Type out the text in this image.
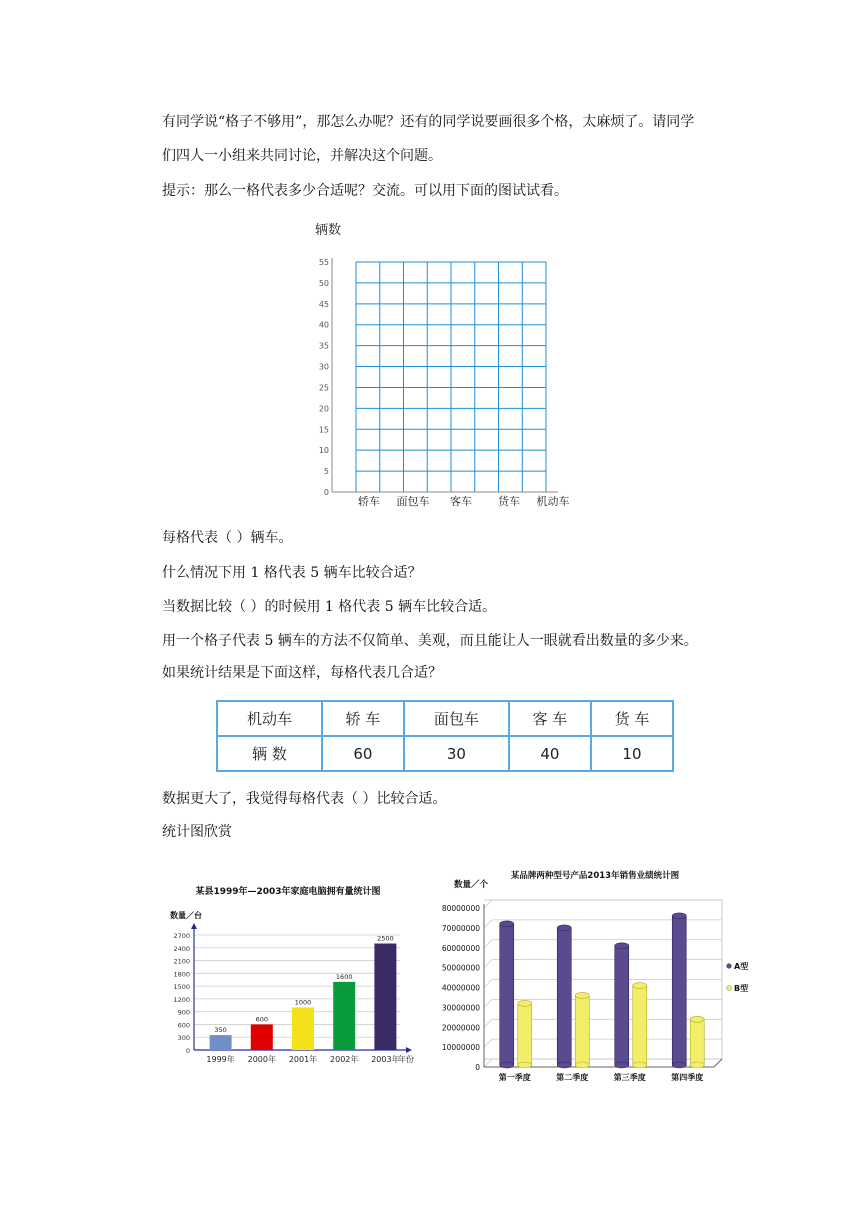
有同学说“格子不够用”，那怎么办呢？还有的同学说要画很多个格，太麻烦了。请同学
们四人一小组来共同讨论，并解决这个问题。
提示：那么一格代表多少合适呢？交流。可以用下面的图试试看。
辆数
0
5
10
15
20
25
30
35
40
45
50
55
轿车 面包车 客车 货车 机动车
每格代表（ ）辆车。
什么情况下用 1 格代表 5 辆车比较合适？
当数据比较（ ）的时候用 1 格代表 5 辆车比较合适。
用一个格子代表 5 辆车的方法不仅简单、美观，而且能让人一眼就看出数量的多少来。
如果统计结果是下面这样，每格代表几合适？
机动车	轿 车	面包车	客 车	货 车
辆 数	60	30	40	10
数据更大了，我觉得每格代表（ ）比较合适。
统计图欣赏
某县1999年—2003年家庭电脑拥有量统计图
数量／台
0
300
600
900
1200
1500
1800
2100
2400
2700
350
1999年
600
2000年
1000
2001年
1600
2002年
2500
2003年
年份
某品牌两种型号产品2013年销售业绩统计图
数量／个
0
10000000
20000000
30000000
40000000
50000000
60000000
70000000
80000000
第一季度	第二季度	第三季度	第四季度
A型
B型
